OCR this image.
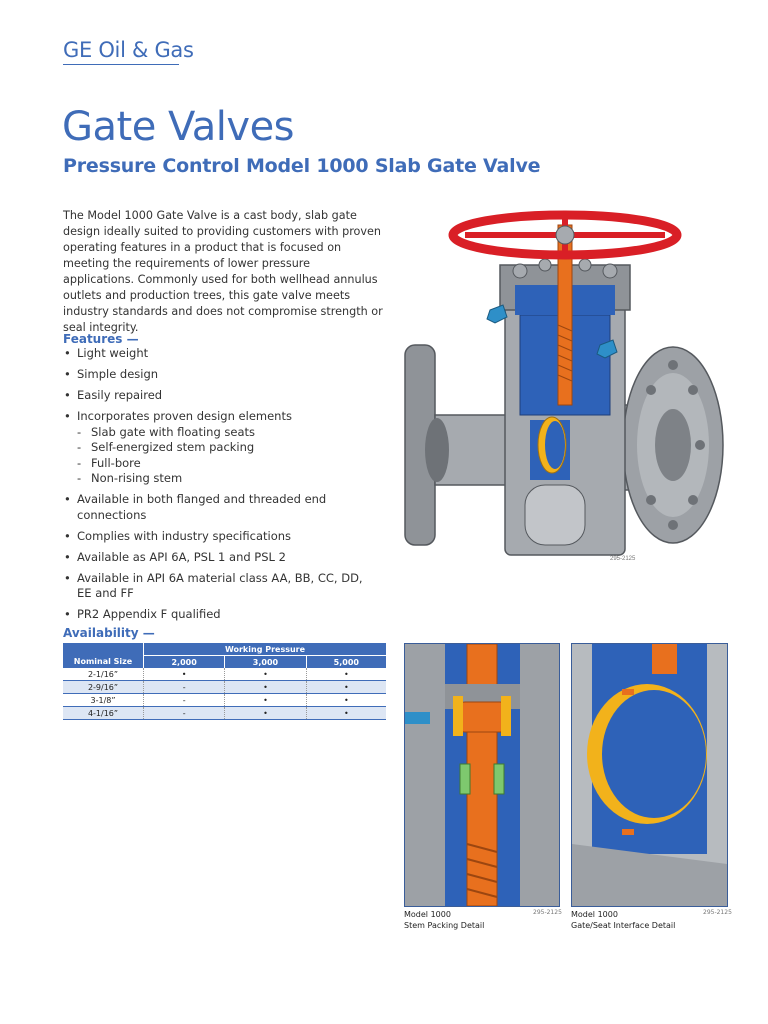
GE Oil & Gas
Gate Valves
Pressure Control Model 1000 Slab Gate Valve
The Model 1000 Gate Valve is a cast body, slab gate design ideally suited to providing customers with proven operating features in a product that is focused on meeting the requirements of lower pressure applications. Commonly used for both wellhead annulus outlets and production trees, this gate valve meets industry standards and does not compromise strength or seal integrity.
Features —
• Light weight
• Simple design
• Easily repaired
• Incorporates proven design elements
- Slab gate with floating seats
- Self-energized stem packing
- Full-bore
- Non-rising stem
• Available in both flanged and threaded end connections
• Complies with industry specifications
• Available as API 6A, PSL 1 and PSL 2
• Available in API 6A material class AA, BB, CC, DD, EE and FF
• PR2 Appendix F qualified
Availability —
	Working Pressure		
Nominal Size	2,000	3,000	5,000
2-1/16”	•	•	•
2-9/16”	-	•	•
3-1/8”	-	•	•
4-1/16”	-	•	•
295-2125
295-2125
Model 1000
Stem Packing Detail
295-2125
Model 1000
Gate/Seat Interface Detail
